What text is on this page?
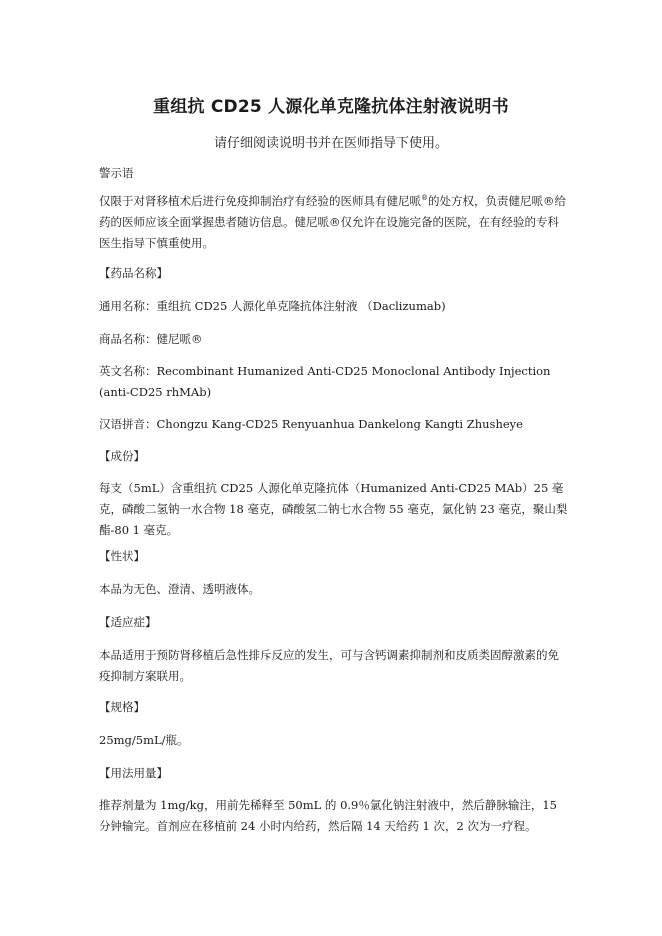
重组抗 CD25 人源化单克隆抗体注射液说明书

请仔细阅读说明书并在医师指导下使用。

警示语

仅限于对肾移植术后进行免疫抑制治疗有经验的医师具有健尼哌®的处方权，负责健尼哌®给药的医师应该全面掌握患者随访信息。健尼哌®仅允许在设施完备的医院，在有经验的专科医生指导下慎重使用。

【药品名称】

通用名称：重组抗 CD25 人源化单克隆抗体注射液 （Daclizumab)

商品名称：健尼哌®

英文名称：Recombinant Humanized Anti-CD25 Monoclonal Antibody Injection (anti-CD25 rhMAb)

汉语拼音：Chongzu Kang-CD25 Renyuanhua Dankelong Kangti Zhusheye

【成份】

每支（5mL）含重组抗 CD25 人源化单克隆抗体（Humanized Anti-CD25 MAb）25 毫克，磷酸二氢钠一水合物 18 毫克，磷酸氢二钠七水合物 55 毫克，氯化钠 23 毫克，聚山梨酯-80 1 毫克。

【性状】

本品为无色、澄清、透明液体。

【适应症】

本品适用于预防肾移植后急性排斥反应的发生，可与含钙调素抑制剂和皮质类固醇激素的免疫抑制方案联用。

【规格】

25mg/5mL/瓶。

【用法用量】

推荐剂量为 1mg/kg，用前先稀释至 50mL 的 0.9％氯化钠注射液中，然后静脉输注，15 分钟输完。首剂应在移植前 24 小时内给药，然后隔 14 天给药 1 次，2 次为一疗程。
